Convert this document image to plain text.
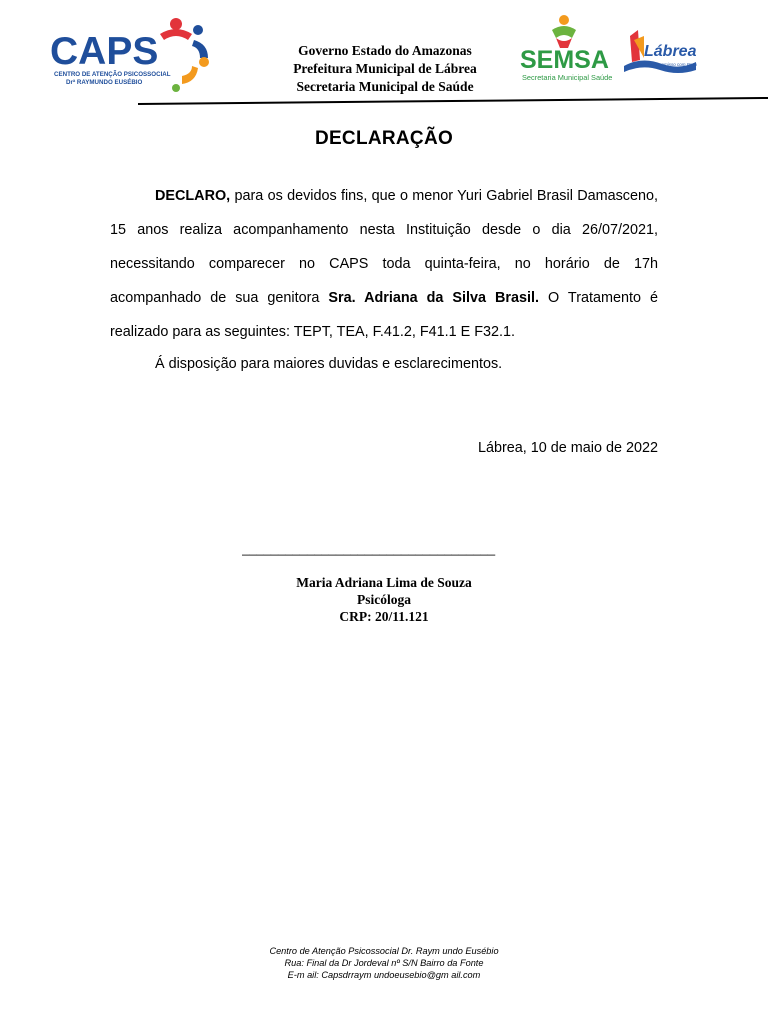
CAPS
CENTRO DE ATENÇÃO PSICOSSOCIAL
Drª RAYMUNDO EUSÉBIO
Governo Estado do Amazonas
Prefeitura Municipal de Lábrea
Secretaria Municipal de Saúde
SEMSA
Secretaria Municipal Saúde
Lábrea
Compromisso com Povo
DECLARAÇÃO
DECLARO, para os devidos fins, que o menor Yuri Gabriel Brasil Damasceno, 15 anos realiza acompanhamento nesta Instituição desde o dia 26/07/2021, necessitando comparecer no CAPS toda quinta-feira, no horário de 17h acompanhado de sua genitora Sra. Adriana da Silva Brasil. O Tratamento é realizado para as seguintes: TEPT, TEA, F.41.2, F41.1 E F32.1.
Á disposição para maiores duvidas e esclarecimentos.
Lábrea, 10 de maio de 2022
___________________________________
Maria Adriana Lima de Souza
Psicóloga
CRP: 20/11.121
Centro de Atenção Psicossocial Dr. Raym undo Eusébio
Rua: Final da Dr Jordeval nº S/N Bairro da Fonte
E-m ail: Capsdrraym undoeusebio@gm ail.com
